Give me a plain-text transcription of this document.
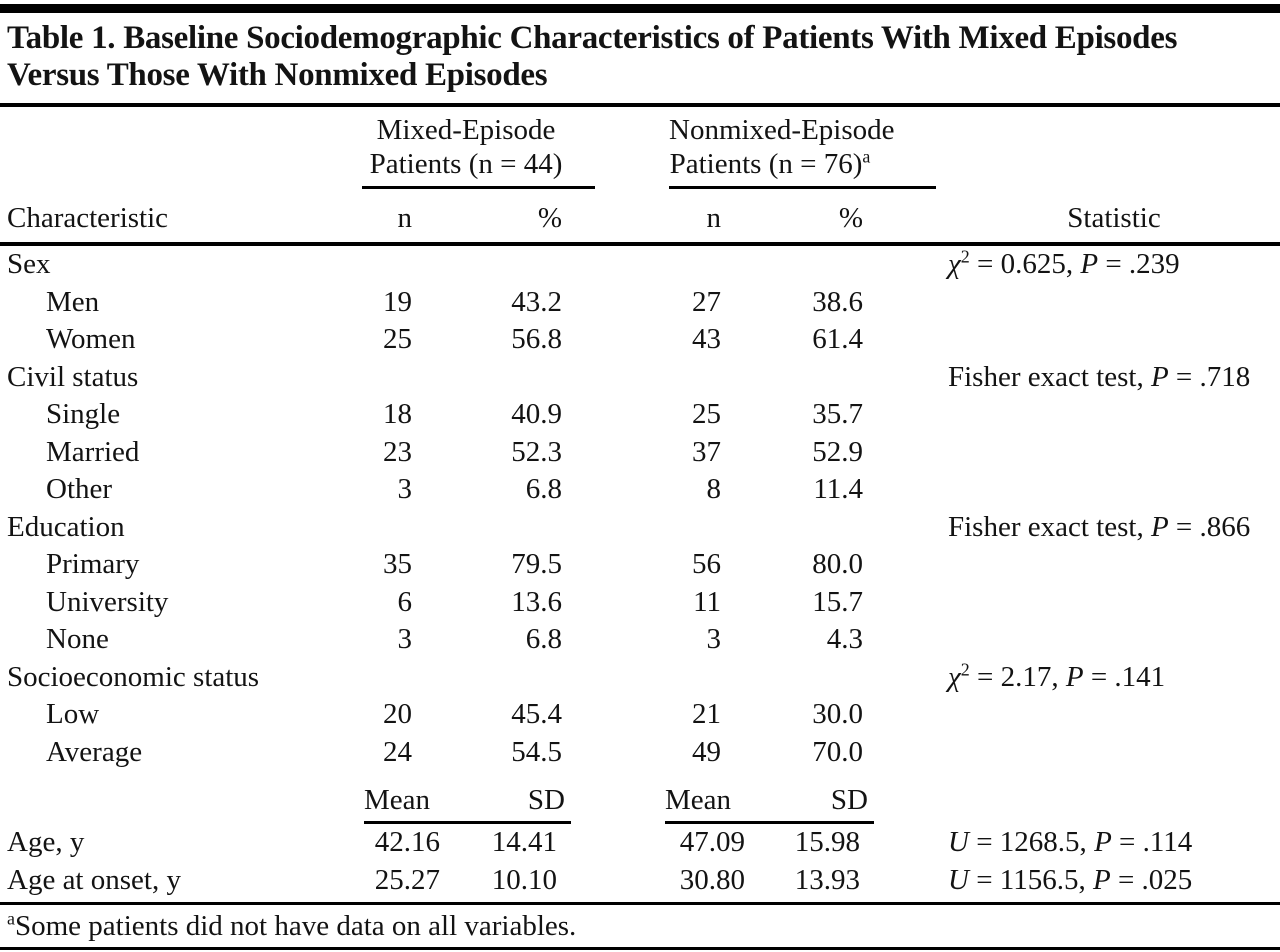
Table 1. Baseline Sociodemographic Characteristics of Patients With Mixed Episodes Versus Those With Nonmixed Episodes

Mixed-Episode
Patients (n = 44)

Nonmixed-Episode
Patients (n = 76)$^a$

Characteristic	n	%	n	%	Statistic
Sex					$\chi^2 = 0.625$, P = .239
Men	19	43.2	27	38.6	
Women	25	56.8	43	61.4	
Civil status					Fisher exact test, P = .718
Single	18	40.9	25	35.7	
Married	23	52.3	37	52.9	
Other	3	6.8	8	11.4	
Education					Fisher exact test, P = .866
Primary	35	79.5	56	80.0	
University	6	13.6	11	15.7	
None	3	6.8	3	4.3	
Socioeconomic status					$\chi^2 = 2.17$, P = .141
Low	20	45.4	21	30.0	
Average	24	54.5	49	70.0	

	Mean SD		Mean SD		

Age, y	42.16	14.41	47.09	15.98	U = 1268.5, P = .114
Age at onset, y	25.27	10.10	30.80	13.93	U = 1156.5, P = .025
$^a$Some patients did not have data on all variables.
